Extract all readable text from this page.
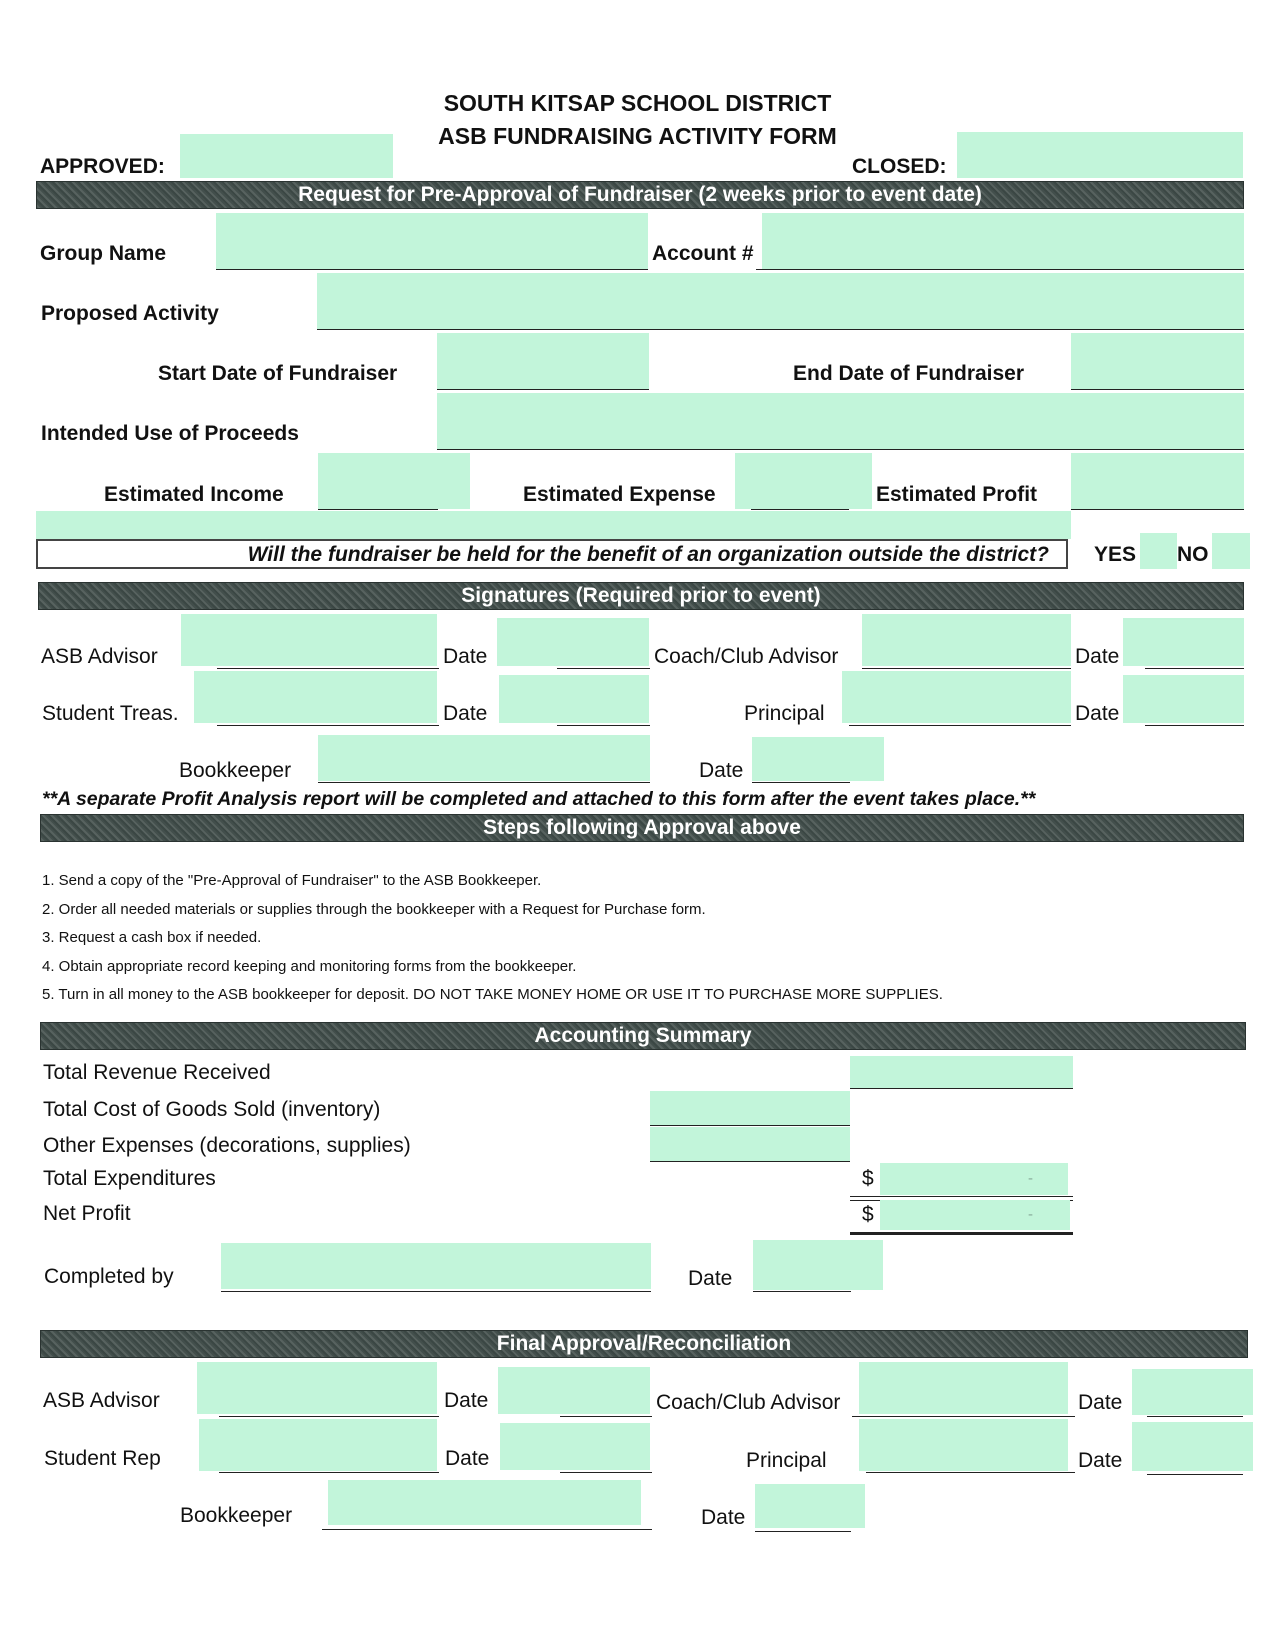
SOUTH KITSAP SCHOOL DISTRICT
ASB FUNDRAISING ACTIVITY FORM
APPROVED:	CLOSED:
Request for Pre-Approval of Fundraiser (2 weeks prior to event date)
Group Name	Account #
Proposed Activity
Start Date of Fundraiser	End Date of Fundraiser
Intended Use of Proceeds
Estimated Income	Estimated Expense	Estimated Profit
Will the fundraiser be held for the benefit of an organization outside the district? YES NO
Signatures (Required prior to event)
ASB Advisor	Date	Coach/Club Advisor	Date
Student Treas.	Date	Principal	Date
Bookkeeper	Date
**A separate Profit Analysis report will be completed and attached to this form after the event takes place.**
Steps following Approval above
1. Send a copy of the "Pre-Approval of Fundraiser" to the ASB Bookkeeper.
2. Order all needed materials or supplies through the bookkeeper with a Request for Purchase form.
3. Request a cash box if needed.
4. Obtain appropriate record keeping and monitoring forms from the bookkeeper.
5. Turn in all money to the ASB bookkeeper for deposit. DO NOT TAKE MONEY HOME OR USE IT TO PURCHASE MORE SUPPLIES.
Accounting Summary
Total Revenue Received
Total Cost of Goods Sold (inventory)
Other Expenses (decorations, supplies)
Total Expenditures	$	-
Net Profit	$	-
Completed by	Date
Final Approval/Reconciliation
ASB Advisor	Date	Coach/Club Advisor	Date
Student Rep	Date	Principal	Date
Bookkeeper	Date
